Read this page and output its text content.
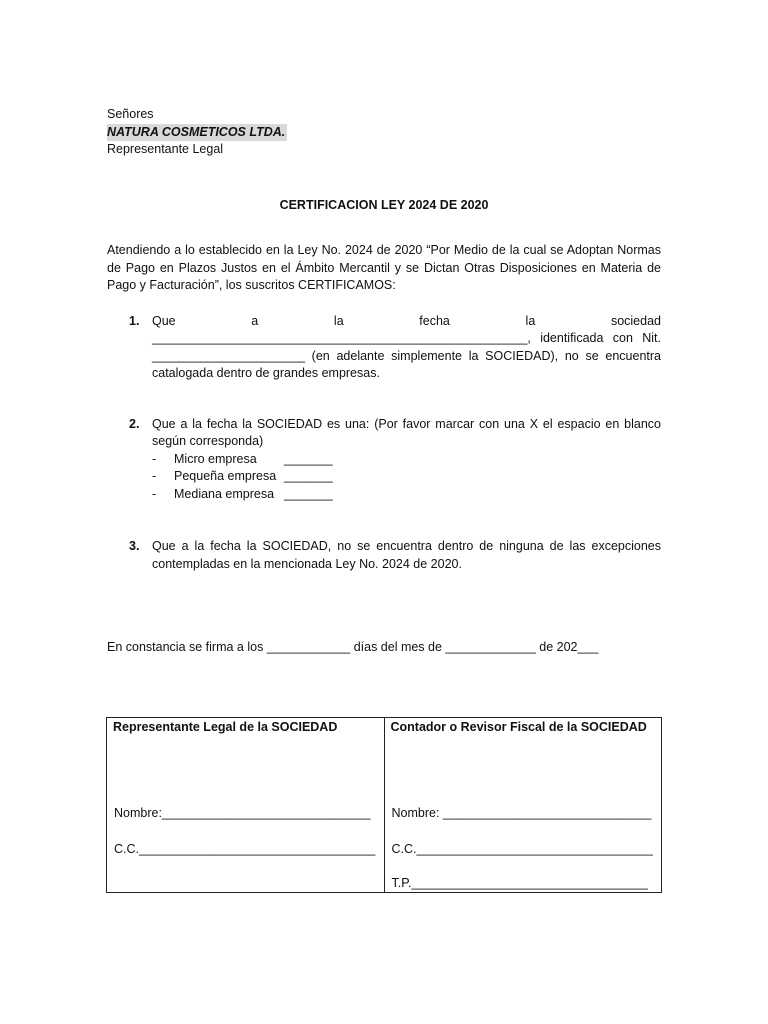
Señores
NATURA COSMETICOS LTDA.
Representante Legal
CERTIFICACION LEY 2024 DE 2020
Atendiendo a lo establecido en la Ley No. 2024 de 2020 “Por Medio de la cual se Adoptan Normas de Pago en Plazos Justos en el Ámbito Mercantil y se Dictan Otras Disposiciones en Materia de Pago y Facturación”, los suscritos CERTIFICAMOS:
1.	Que a la fecha la sociedad ______________________________________________________, identificada con Nit. ______________________ (en adelante simplemente la SOCIEDAD), no se encuentra catalogada dentro de grandes empresas.
2.	Que a la fecha la SOCIEDAD es una: (Por favor marcar con una X el espacio en blanco según corresponda)
-	Micro empresa	_______
-	Pequeña empresa _______
-	Mediana empresa _______
3.	Que a la fecha la SOCIEDAD, no se encuentra dentro de ninguna de las excepciones contempladas en la mencionada Ley No. 2024 de 2020.
En constancia se firma a los ____________ días del mes de _____________ de 202___
Representante Legal de la SOCIEDAD
Nombre:______________________________
C.C.__________________________________

Contador o Revisor Fiscal de la SOCIEDAD
Nombre: ______________________________
C.C.__________________________________
T.P.__________________________________
